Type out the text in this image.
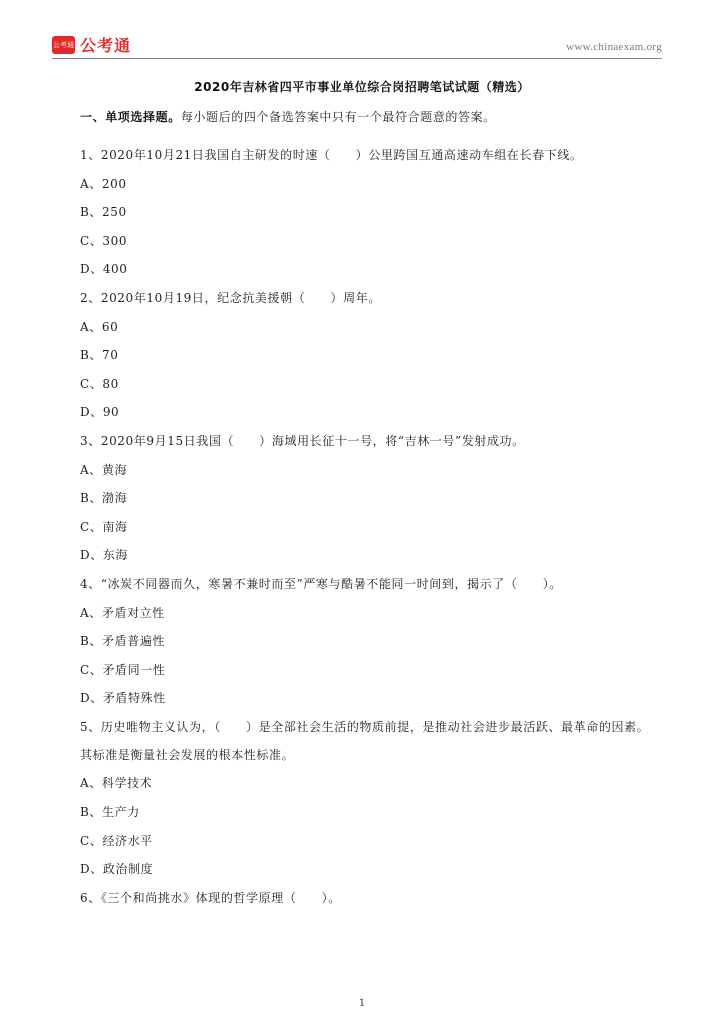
公考通 公考通	www.chinaexam.org
2020年吉林省四平市事业单位综合岗招聘笔试试题（精选）
一、单项选择题。每小题后的四个备选答案中只有一个最符合题意的答案。
1、2020年10月21日我国自主研发的时速（　　）公里跨国互通高速动车组在长春下线。
A、200
B、250
C、300
D、400
2、2020年10月19日，纪念抗美援朝（　　）周年。
A、60
B、70
C、80
D、90
3、2020年9月15日我国（　　）海域用长征十一号，将“吉林一号”发射成功。
A、黄海
B、渤海
C、南海
D、东海
4、“冰炭不同器而久，寒暑不兼时而至”严寒与酷暑不能同一时间到，揭示了（　　）。
A、矛盾对立性
B、矛盾普遍性
C、矛盾同一性
D、矛盾特殊性
5、历史唯物主义认为，（　　）是全部社会生活的物质前提，是推动社会进步最活跃、最革命的因素。其标准是衡量社会发展的根本性标准。
A、科学技术
B、生产力
C、经济水平
D、政治制度
6、《三个和尚挑水》体现的哲学原理（　　）。
1
